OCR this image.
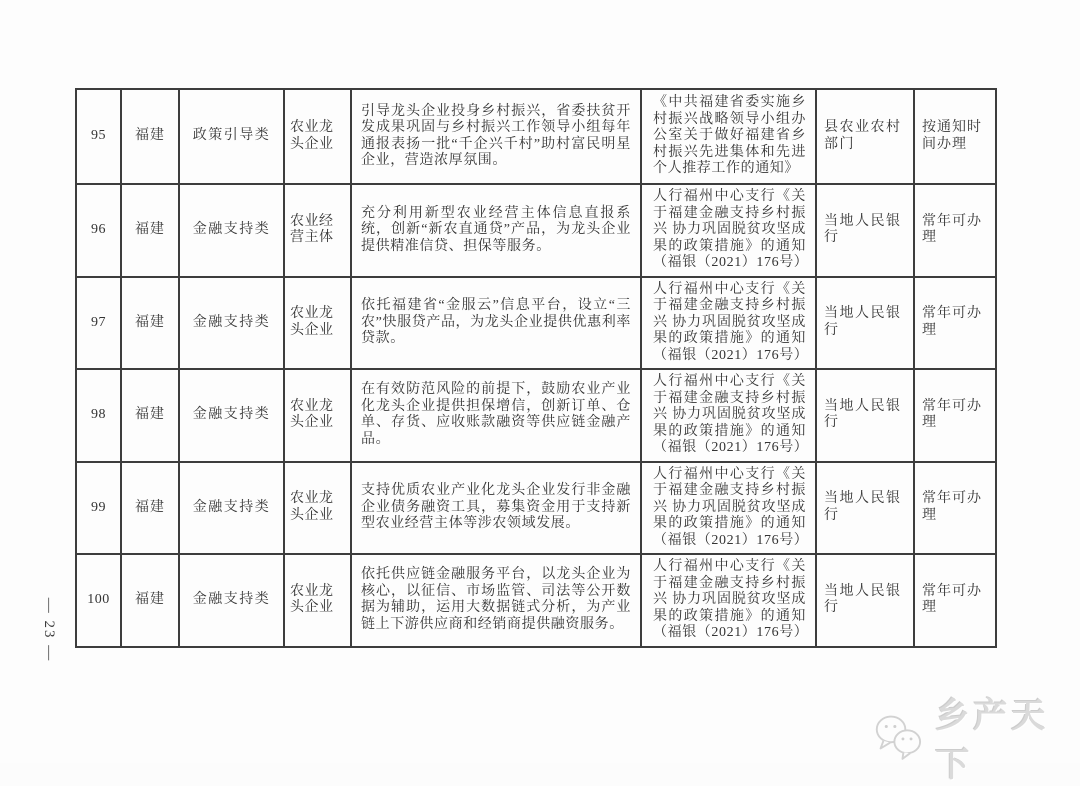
95	福建	政策引导类	农业龙头企业	引导龙头企业投身乡村振兴，省委扶贫开发成果巩固与乡村振兴工作领导小组每年通报表扬一批“千企兴千村”助村富民明星企业，营造浓厚氛围。	《中共福建省委实施乡村振兴战略领导小组办公室关于做好福建省乡村振兴先进集体和先进个人推荐工作的通知》	县农业农村部门	按通知时间办理
96	福建	金融支持类	农业经营主体	充分利用新型农业经营主体信息直报系统，创新“新农直通贷”产品，为龙头企业提供精准信贷、担保等服务。	人行福州中心支行《关于福建金融支持乡村振兴 协力巩固脱贫攻坚成果的政策措施》的通知（福银（2021）176号）	当地人民银行	常年可办理
97	福建	金融支持类	农业龙头企业	依托福建省“金服云”信息平台，设立“三农”快服贷产品，为龙头企业提供优惠利率贷款。	人行福州中心支行《关于福建金融支持乡村振兴 协力巩固脱贫攻坚成果的政策措施》的通知（福银（2021）176号）	当地人民银行	常年可办理
98	福建	金融支持类	农业龙头企业	在有效防范风险的前提下，鼓励农业产业化龙头企业提供担保增信，创新订单、仓单、存货、应收账款融资等供应链金融产品。	人行福州中心支行《关于福建金融支持乡村振兴 协力巩固脱贫攻坚成果的政策措施》的通知（福银（2021）176号）	当地人民银行	常年可办理
99	福建	金融支持类	农业龙头企业	支持优质农业产业化龙头企业发行非金融企业债务融资工具，募集资金用于支持新型农业经营主体等涉农领域发展。	人行福州中心支行《关于福建金融支持乡村振兴 协力巩固脱贫攻坚成果的政策措施》的通知（福银（2021）176号）	当地人民银行	常年可办理
100	福建	金融支持类	农业龙头企业	依托供应链金融服务平台，以龙头企业为核心，以征信、市场监管、司法等公开数据为辅助，运用大数据链式分析，为产业链上下游供应商和经销商提供融资服务。	人行福州中心支行《关于福建金融支持乡村振兴 协力巩固脱贫攻坚成果的政策措施》的通知（福银（2021）176号）	当地人民银行	常年可办理
— 23 —
乡产天下
